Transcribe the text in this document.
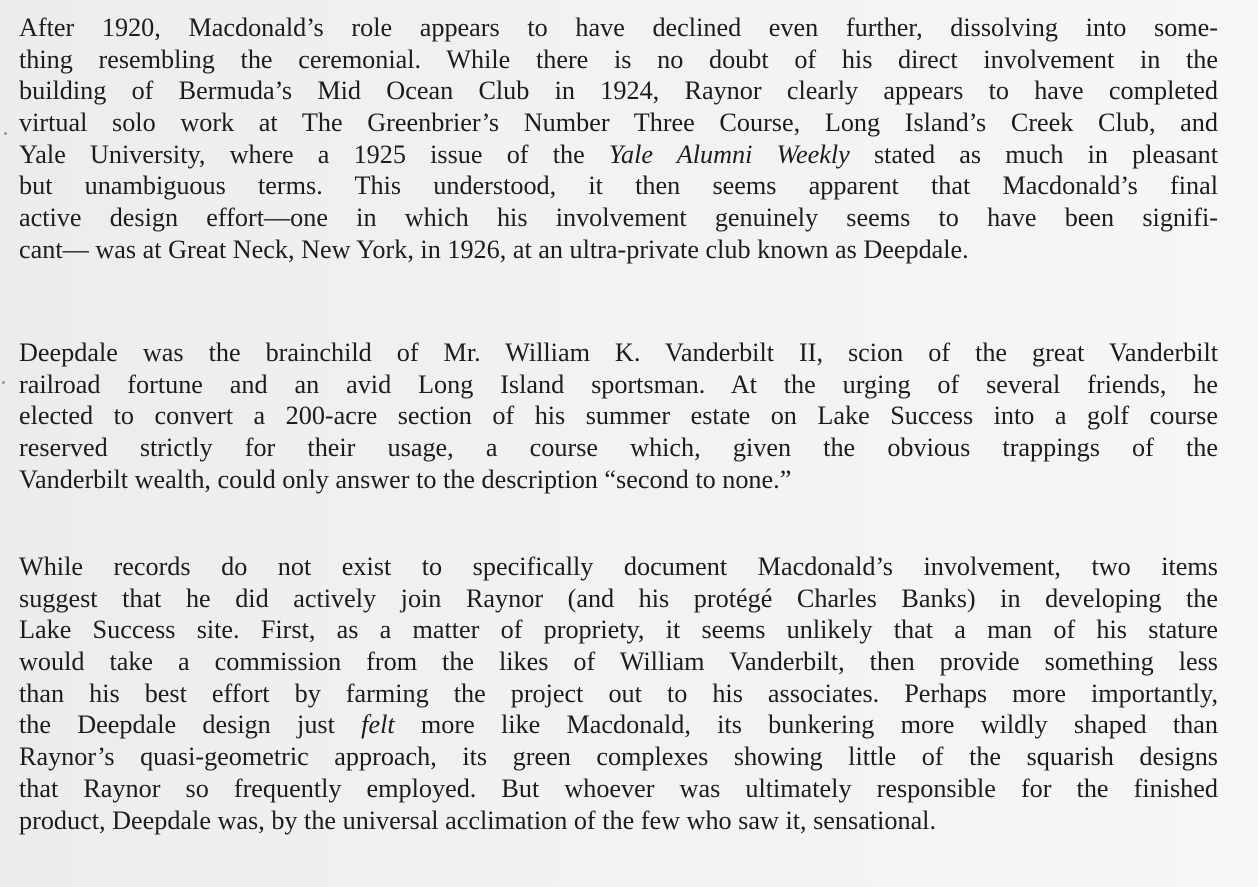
After 1920, Macdonald’s role appears to have declined even further, dissolving into some-
thing resembling the ceremonial. While there is no doubt of his direct involvement in the
building of Bermuda’s Mid Ocean Club in 1924, Raynor clearly appears to have completed
virtual solo work at The Greenbrier’s Number Three Course, Long Island’s Creek Club, and
Yale University, where a 1925 issue of the Yale Alumni Weekly stated as much in pleasant
but unambiguous terms. This understood, it then seems apparent that Macdonald’s final
active design effort—one in which his involvement genuinely seems to have been signifi-
cant— was at Great Neck, New York, in 1926, at an ultra-private club known as Deepdale.
Deepdale was the brainchild of Mr. William K. Vanderbilt II, scion of the great Vanderbilt
railroad fortune and an avid Long Island sportsman. At the urging of several friends, he
elected to convert a 200-acre section of his summer estate on Lake Success into a golf course
reserved strictly for their usage, a course which, given the obvious trappings of the
Vanderbilt wealth, could only answer to the description “second to none.”
While records do not exist to specifically document Macdonald’s involvement, two items
suggest that he did actively join Raynor (and his protégé Charles Banks) in developing the
Lake Success site. First, as a matter of propriety, it seems unlikely that a man of his stature
would take a commission from the likes of William Vanderbilt, then provide something less
than his best effort by farming the project out to his associates. Perhaps more importantly,
the Deepdale design just felt more like Macdonald, its bunkering more wildly shaped than
Raynor’s quasi-geometric approach, its green complexes showing little of the squarish designs
that Raynor so frequently employed. But whoever was ultimately responsible for the finished
product, Deepdale was, by the universal acclimation of the few who saw it, sensational.
